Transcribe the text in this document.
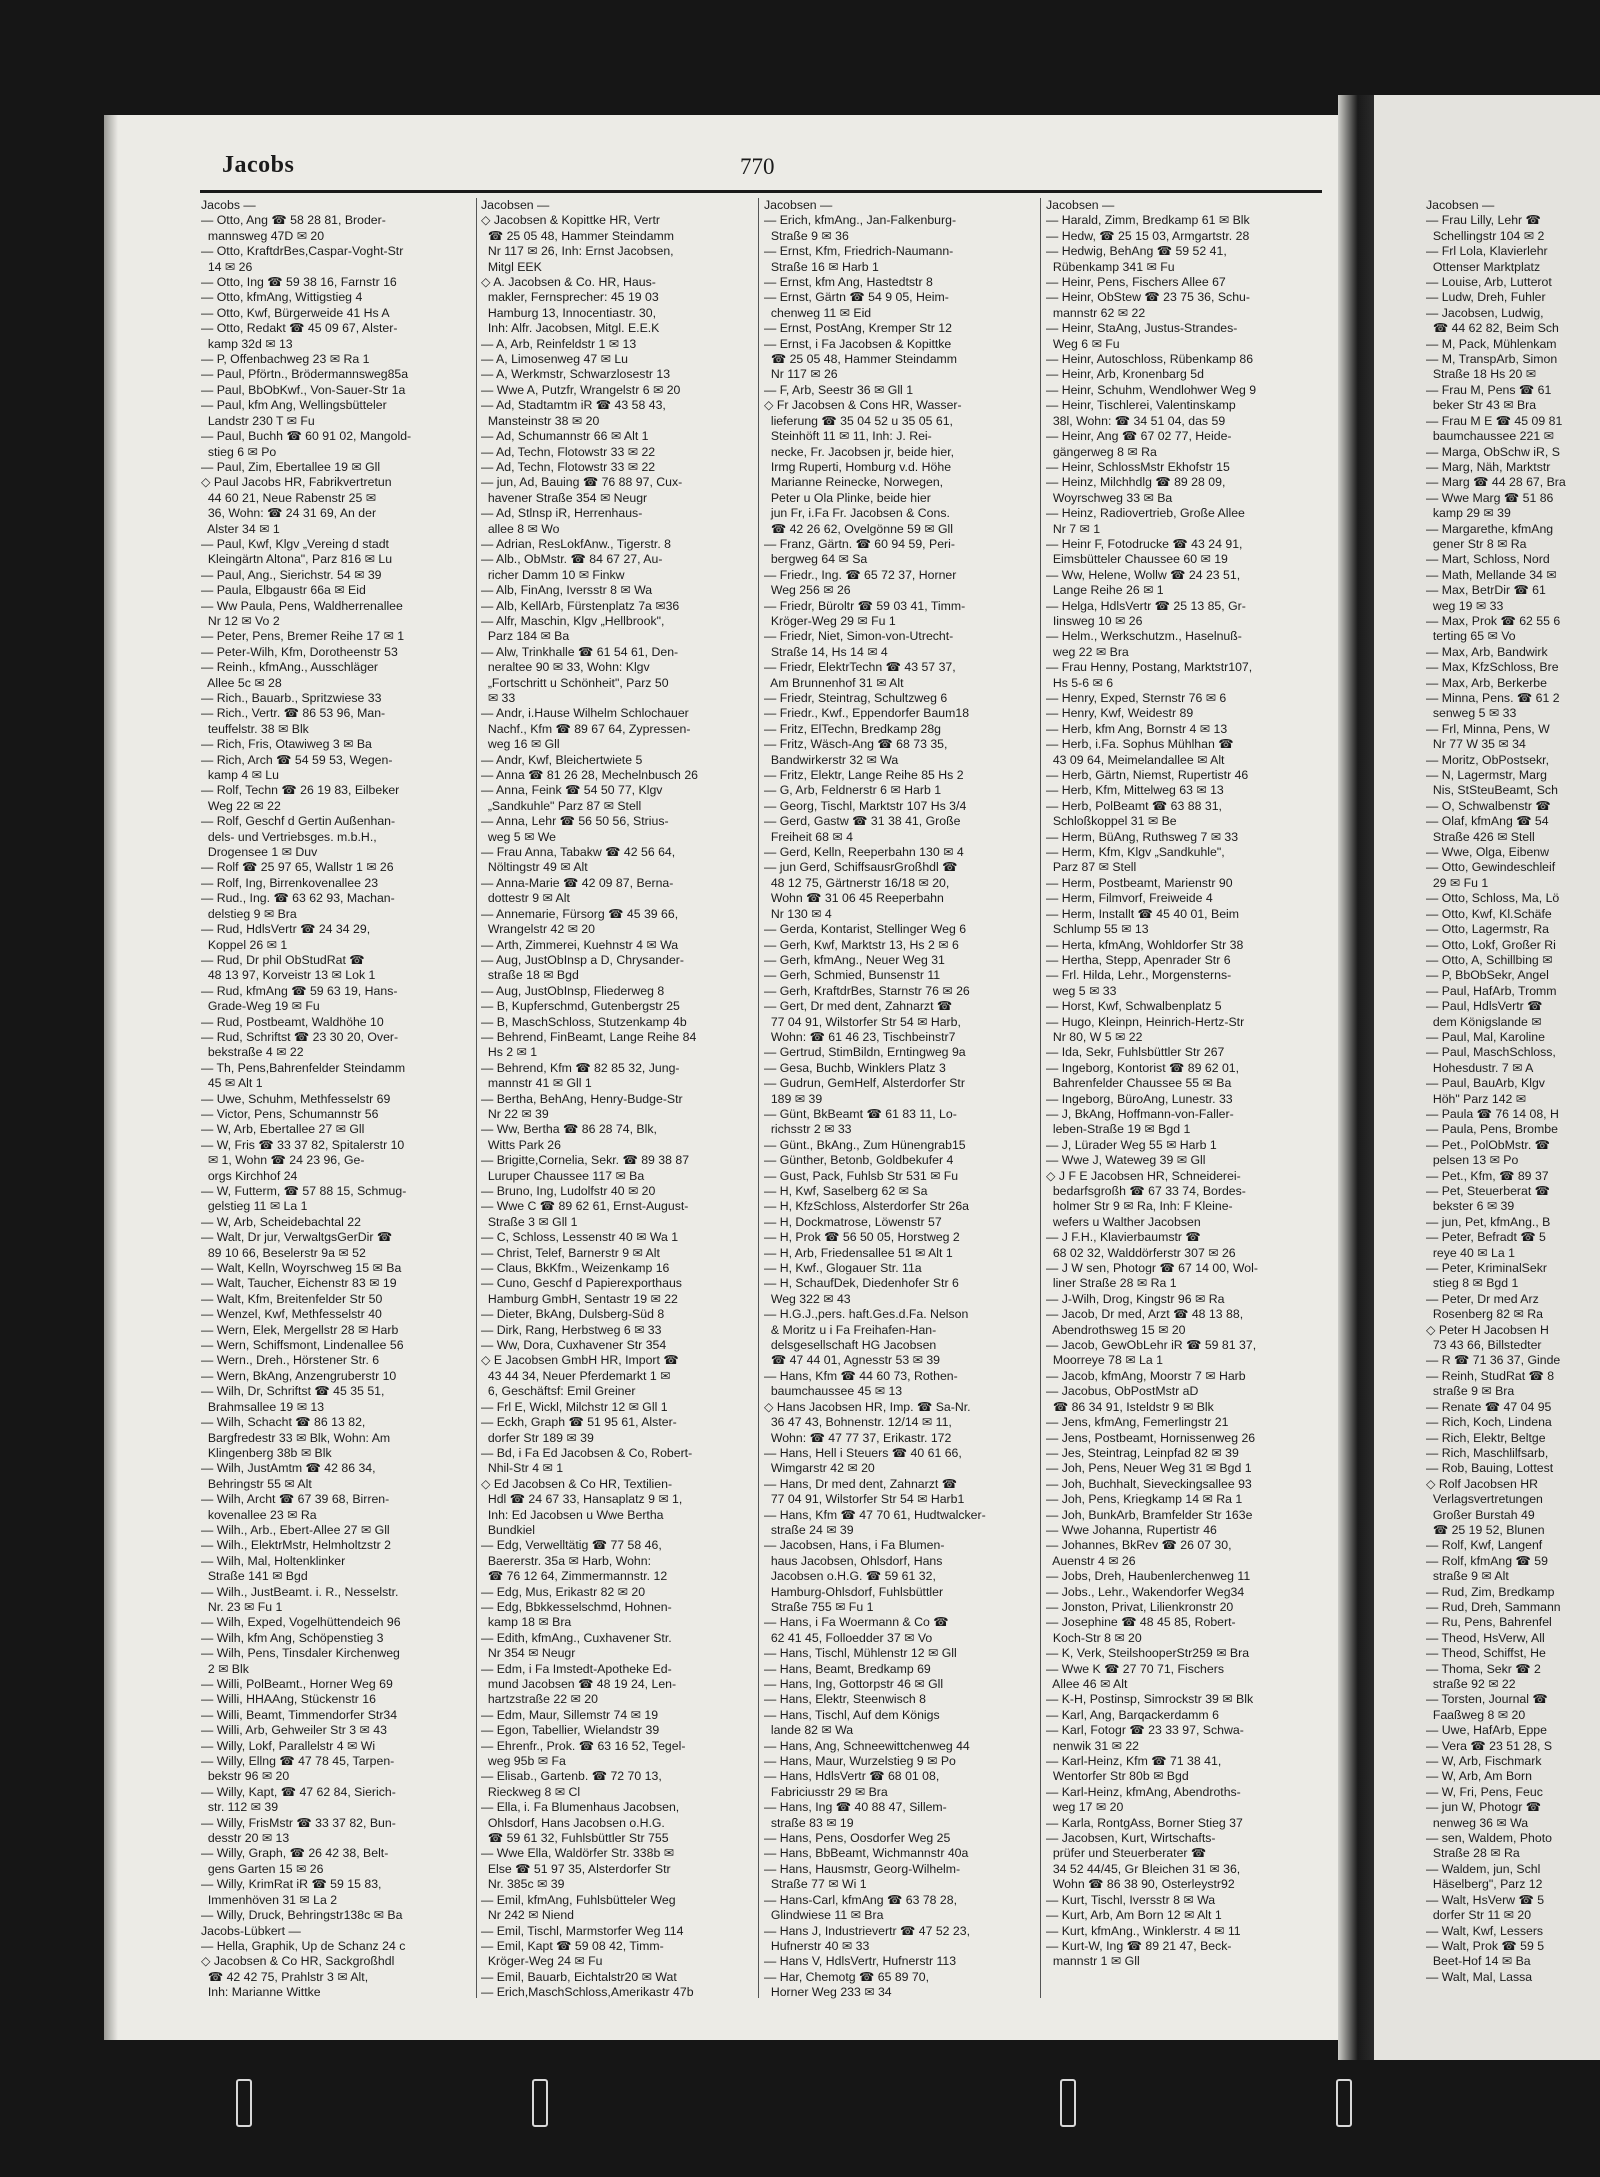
Jacobs	770
Jacobs —
— Otto, Ang ☎ 58 28 81, Broder-
mannsweg 47D ✉ 20
— Otto, KraftdrBes,Caspar-Voght-Str
14 ✉ 26
— Otto, Ing ☎ 59 38 16, Farnstr 16
— Otto, kfmAng, Wittigstieg 4
— Otto, Kwf, Bürgerweide 41 Hs A
— Otto, Redakt ☎ 45 09 67, Alster-
kamp 32d ✉ 13
— P, Offenbachweg 23 ✉ Ra 1
— Paul, Pförtn., Brödermannsweg85a
— Paul, BbObKwf., Von-Sauer-Str 1a
— Paul, kfm Ang, Wellingsbütteler
Landstr 230 T ✉ Fu
— Paul, Buchh ☎ 60 91 02, Mangold-
stieg 6 ✉ Po
— Paul, Zim, Ebertallee 19 ✉ Gll
◇ Paul Jacobs HR, Fabrikvertretun
44 60 21, Neue Rabenstr 25 ✉
36, Wohn: ☎ 24 31 69, An der
Alster 34 ✉ 1
— Paul, Kwf, Klgv „Vereing d stadt
Kleingärtn Altona", Parz 816 ✉ Lu
— Paul, Ang., Sierichstr. 54 ✉ 39
— Paula, Elbgaustr 66a ✉ Eid
— Ww Paula, Pens, Waldherrenallee
Nr 12 ✉ Vo 2
— Peter, Pens, Bremer Reihe 17 ✉ 1
— Peter-Wilh, Kfm, Dorotheenstr 53
— Reinh., kfmAng., Ausschläger
Allee 5c ✉ 28
— Rich., Bauarb., Spritzwiese 33
— Rich., Vertr. ☎ 86 53 96, Man-
teuffelstr. 38 ✉ Blk
— Rich, Fris, Otawiweg 3 ✉ Ba
— Rich, Arch ☎ 54 59 53, Wegen-
kamp 4 ✉ Lu
— Rolf, Techn ☎ 26 19 83, Eilbeker
Weg 22 ✉ 22
— Rolf, Geschf d Gertin Außenhan-
dels- und Vertriebsges. m.b.H.,
Drogensee 1 ✉ Duv
— Rolf ☎ 25 97 65, Wallstr 1 ✉ 26
— Rolf, Ing, Birrenkovenallee 23
— Rud., Ing. ☎ 63 62 93, Machan-
delstieg 9 ✉ Bra
— Rud, HdlsVertr ☎ 24 34 29,
Koppel 26 ✉ 1
— Rud, Dr phil ObStudRat ☎
48 13 97, Korveistr 13 ✉ Lok 1
— Rud, kfmAng ☎ 59 63 19, Hans-
Grade-Weg 19 ✉ Fu
— Rud, Postbeamt, Waldhöhe 10
— Rud, Schriftst ☎ 23 30 20, Over-
bekstraße 4 ✉ 22
— Th, Pens,Bahrenfelder Steindamm
45 ✉ Alt 1
— Uwe, Schuhm, Methfesselstr 69
— Victor, Pens, Schumannstr 56
— W, Arb, Ebertallee 27 ✉ Gll
— W, Fris ☎ 33 37 82, Spitalerstr 10
✉ 1, Wohn ☎ 24 23 96, Ge-
orgs Kirchhof 24
— W, Futterm, ☎ 57 88 15, Schmug-
gelstieg 11 ✉ La 1
— W, Arb, Scheidebachtal 22
— Walt, Dr jur, VerwaltgsGerDir ☎
89 10 66, Beselerstr 9a ✉ 52
— Walt, Kelln, Woyrschweg 15 ✉ Ba
— Walt, Taucher, Eichenstr 83 ✉ 19
— Walt, Kfm, Breitenfelder Str 50
— Wenzel, Kwf, Methfesselstr 40
— Wern, Elek, Mergellstr 28 ✉ Harb
— Wern, Schiffsmont, Lindenallee 56
— Wern., Dreh., Hörstener Str. 6
— Wern, BkAng, Anzengruberstr 10
— Wilh, Dr, Schriftst ☎ 45 35 51,
Brahmsallee 19 ✉ 13
— Wilh, Schacht ☎ 86 13 82,
Bargfredestr 33 ✉ Blk, Wohn: Am
Klingenberg 38b ✉ Blk
— Wilh, JustAmtm ☎ 42 86 34,
Behringstr 55 ✉ Alt
— Wilh, Archt ☎ 67 39 68, Birren-
kovenallee 23 ✉ Ra
— Wilh., Arb., Ebert-Allee 27 ✉ Gll
— Wilh., ElektrMstr, Helmholtzstr 2
— Wilh, Mal, Holtenklinker
Straße 141 ✉ Bgd
— Wilh., JustBeamt. i. R., Nesselstr.
Nr. 23 ✉ Fu 1
— Wilh, Exped, Vogelhüttendeich 96
— Wilh, kfm Ang, Schöpenstieg 3
— Wilh, Pens, Tinsdaler Kirchenweg
2 ✉ Blk
— Willi, PolBeamt., Horner Weg 69
— Willi, HHAAng, Stückenstr 16
— Willi, Beamt, Timmendorfer Str34
— Willi, Arb, Gehweiler Str 3 ✉ 43
— Willy, Lokf, Parallelstr 4 ✉ Wi
— Willy, Ellng ☎ 47 78 45, Tarpen-
bekstr 96 ✉ 20
— Willy, Kapt, ☎ 47 62 84, Sierich-
str. 112 ✉ 39
— Willy, FrisMstr ☎ 33 37 82, Bun-
desstr 20 ✉ 13
— Willy, Graph, ☎ 26 42 38, Belt-
gens Garten 15 ✉ 26
— Willy, KrimRat iR ☎ 59 15 83,
Immenhöven 31 ✉ La 2
— Willy, Druck, Behringstr138c ✉ Ba
Jacobs-Lübkert —
— Hella, Graphik, Up de Schanz 24 c
◇ Jacobsen & Co HR, Sackgroßhdl
☎ 42 42 75, Prahlstr 3 ✉ Alt,
Inh: Marianne Wittke
Jacobsen —
◇ Jacobsen & Kopittke HR, Vertr
☎ 25 05 48, Hammer Steindamm
Nr 117 ✉ 26, Inh: Ernst Jacobsen,
Mitgl EEK
◇ A. Jacobsen & Co. HR, Haus-
makler, Fernsprecher: 45 19 03
Hamburg 13, Innocentiastr. 30,
Inh: Alfr. Jacobsen, Mitgl. E.E.K
— A, Arb, Reinfeldstr 1 ✉ 13
— A, Limosenweg 47 ✉ Lu
— A, Werkmstr, Schwarzlosestr 13
— Wwe A, Putzfr, Wrangelstr 6 ✉ 20
— Ad, Stadtamtm iR ☎ 43 58 43,
Mansteinstr 38 ✉ 20
— Ad, Schumannstr 66 ✉ Alt 1
— Ad, Techn, Flotowstr 33 ✉ 22
— Ad, Techn, Flotowstr 33 ✉ 22
— jun, Ad, Bauing ☎ 76 88 97, Cux-
havener Straße 354 ✉ Neugr
— Ad, Stlnsp iR, Herrenhaus-
allee 8 ✉ Wo
— Adrian, ResLokfAnw., Tigerstr. 8
— Alb., ObMstr. ☎ 84 67 27, Au-
richer Damm 10 ✉ Finkw
— Alb, FinAng, Iversstr 8 ✉ Wa
— Alb, KellArb, Fürstenplatz 7a ✉36
— Alfr, Maschin, Klgv „Hellbrook",
Parz 184 ✉ Ba
— Alw, Trinkhalle ☎ 61 54 61, Den-
neraltee 90 ✉ 33, Wohn: Klgv
„Fortschritt u Schönheit", Parz 50
✉ 33
— Andr, i.Hause Wilhelm Schlochauer
Nachf., Kfm ☎ 89 67 64, Zypressen-
weg 16 ✉ Gll
— Andr, Kwf, Bleichertwiete 5
— Anna ☎ 81 26 28, Mechelnbusch 26
— Anna, Feink ☎ 54 50 77, Klgv
„Sandkuhle" Parz 87 ✉ Stell
— Anna, Lehr ☎ 56 50 56, Strius-
weg 5 ✉ We
— Frau Anna, Tabakw ☎ 42 56 64,
Nöltingstr 49 ✉ Alt
— Anna-Marie ☎ 42 09 87, Berna-
dottestr 9 ✉ Alt
— Annemarie, Fürsorg ☎ 45 39 66,
Wrangelstr 42 ✉ 20
— Arth, Zimmerei, Kuehnstr 4 ✉ Wa
— Aug, JustObInsp a D, Chrysander-
straße 18 ✉ Bgd
— Aug, JustObInsp, Fliederweg 8
— B, Kupferschmd, Gutenbergstr 25
— B, MaschSchloss, Stutzenkamp 4b
— Behrend, FinBeamt, Lange Reihe 84
Hs 2 ✉ 1
— Behrend, Kfm ☎ 82 85 32, Jung-
mannstr 41 ✉ Gll 1
— Bertha, BehAng, Henry-Budge-Str
Nr 22 ✉ 39
— Ww, Bertha ☎ 86 28 74, Blk,
Witts Park 26
— Brigitte,Cornelia, Sekr. ☎ 89 38 87
Luruper Chaussee 117 ✉ Ba
— Bruno, Ing, Ludolfstr 40 ✉ 20
— Wwe C ☎ 89 62 61, Ernst-August-
Straße 3 ✉ Gll 1
— C, Schloss, Lessenstr 40 ✉ Wa 1
— Christ, Telef, Barnerstr 9 ✉ Alt
— Claus, BkKfm., Weizenkamp 16
— Cuno, Geschf d Papierexporthaus
Hamburg GmbH, Sentastr 19 ✉ 22
— Dieter, BkAng, Dulsberg-Süd 8
— Dirk, Rang, Herbstweg 6 ✉ 33
— Ww, Dora, Cuxhavener Str 354
◇ E Jacobsen GmbH HR, Import ☎
43 44 34, Neuer Pferdemarkt 1 ✉
6, Geschäftsf: Emil Greiner
— Frl E, Wickl, Milchstr 12 ✉ Gll 1
— Eckh, Graph ☎ 51 95 61, Alster-
dorfer Str 189 ✉ 39
— Bd, i Fa Ed Jacobsen & Co, Robert-
Nhil-Str 4 ✉ 1
◇ Ed Jacobsen & Co HR, Textilien-
Hdl ☎ 24 67 33, Hansaplatz 9 ✉ 1,
Inh: Ed Jacobsen u Wwe Bertha
Bundkiel
— Edg, Verwelltätig ☎ 77 58 46,
Baererstr. 35a ✉ Harb, Wohn:
☎ 76 12 64, Zimmermannstr. 12
— Edg, Mus, Erikastr 82 ✉ 20
— Edg, Bbkkesselschmd, Hohnen-
kamp 18 ✉ Bra
— Edith, kfmAng., Cuxhavener Str.
Nr 354 ✉ Neugr
— Edm, i Fa Imstedt-Apotheke Ed-
mund Jacobsen ☎ 48 19 24, Len-
hartzstraße 22 ✉ 20
— Edm, Maur, Sillemstr 74 ✉ 19
— Egon, Tabellier, Wielandstr 39
— Ehrenfr., Prok. ☎ 63 16 52, Tegel-
weg 95b ✉ Fa
— Elisab., Gartenb. ☎ 72 70 13,
Rieckweg 8 ✉ Cl
— Ella, i. Fa Blumenhaus Jacobsen,
Ohlsdorf, Hans Jacobsen o.H.G.
☎ 59 61 32, Fuhlsbüttler Str 755
— Wwe Ella, Waldörfer Str. 338b ✉
Else ☎ 51 97 35, Alsterdorfer Str
Nr. 385c ✉ 39
— Emil, kfmAng, Fuhlsbütteler Weg
Nr 242 ✉ Niend
— Emil, Tischl, Marmstorfer Weg 114
— Emil, Kapt ☎ 59 08 42, Timm-
Kröger-Weg 24 ✉ Fu
— Emil, Bauarb, Eichtalstr20 ✉ Wat
— Erich,MaschSchloss,Amerikastr 47b
Jacobsen —
— Erich, kfmAng., Jan-Falkenburg-
Straße 9 ✉ 36
— Ernst, Kfm, Friedrich-Naumann-
Straße 16 ✉ Harb 1
— Ernst, kfm Ang, Hastedtstr 8
— Ernst, Gärtn ☎ 54 9 05, Heim-
chenweg 11 ✉ Eid
— Ernst, PostAng, Kremper Str 12
— Ernst, i Fa Jacobsen & Kopittke
☎ 25 05 48, Hammer Steindamm
Nr 117 ✉ 26
— F, Arb, Seestr 36 ✉ Gll 1
◇ Fr Jacobsen & Cons HR, Wasser-
lieferung ☎ 35 04 52 u 35 05 61,
Steinhöft 11 ✉ 11, Inh: J. Rei-
necke, Fr. Jacobsen jr, beide hier,
Irmg Ruperti, Homburg v.d. Höhe
Marianne Reinecke, Norwegen,
Peter u Ola Plinke, beide hier
jun Fr, i.Fa Fr. Jacobsen & Cons.
☎ 42 26 62, Ovelgönne 59 ✉ Gll
— Franz, Gärtn. ☎ 60 94 59, Peri-
bergweg 64 ✉ Sa
— Friedr., Ing. ☎ 65 72 37, Horner
Weg 256 ✉ 26
— Friedr, Büroltr ☎ 59 03 41, Timm-
Kröger-Weg 29 ✉ Fu 1
— Friedr, Niet, Simon-von-Utrecht-
Straße 14, Hs 14 ✉ 4
— Friedr, ElektrTechn ☎ 43 57 37,
Am Brunnenhof 31 ✉ Alt
— Friedr, Steintrag, Schultzweg 6
— Friedr., Kwf., Eppendorfer Baum18
— Fritz, ElTechn, Bredkamp 28g
— Fritz, Wäsch-Ang ☎ 68 73 35,
Bandwirkerstr 32 ✉ Wa
— Fritz, Elektr, Lange Reihe 85 Hs 2
— G, Arb, Feldnerstr 6 ✉ Harb 1
— Georg, Tischl, Marktstr 107 Hs 3/4
— Gerd, Gastw ☎ 31 38 41, Große
Freiheit 68 ✉ 4
— Gerd, Kelln, Reeperbahn 130 ✉ 4
— jun Gerd, SchiffsausrGroßhdl ☎
48 12 75, Gärtnerstr 16/18 ✉ 20,
Wohn ☎ 31 06 45 Reeperbahn
Nr 130 ✉ 4
— Gerda, Kontarist, Stellinger Weg 6
— Gerh, Kwf, Marktstr 13, Hs 2 ✉ 6
— Gerh, kfmAng., Neuer Weg 31
— Gerh, Schmied, Bunsenstr 11
— Gerh, KraftdrBes, Starnstr 76 ✉ 26
— Gert, Dr med dent, Zahnarzt ☎
77 04 91, Wilstorfer Str 54 ✉ Harb,
Wohn: ☎ 61 46 23, Tischbeinstr7
— Gertrud, StimBildn, Erntingweg 9a
— Gesa, Buchb, Winklers Platz 3
— Gudrun, GemHelf, Alsterdorfer Str
189 ✉ 39
— Günt, BkBeamt ☎ 61 83 11, Lo-
richsstr 2 ✉ 33
— Günt., BkAng., Zum Hünengrab15
— Günther, Betonb, Goldbekufer 4
— Gust, Pack, Fuhlsb Str 531 ✉ Fu
— H, Kwf, Saselberg 62 ✉ Sa
— H, KfzSchloss, Alsterdorfer Str 26a
— H, Dockmatrose, Löwenstr 57
— H, Prok ☎ 56 50 05, Horstweg 2
— H, Arb, Friedensallee 51 ✉ Alt 1
— H, Kwf., Glogauer Str. 11a
— H, SchaufDek, Diedenhofer Str 6
Weg 322 ✉ 43
— H.G.J.,pers. haft.Ges.d.Fa. Nelson
& Moritz u i Fa Freihafen-Han-
delsgesellschaft HG Jacobsen
☎ 47 44 01, Agnesstr 53 ✉ 39
— Hans, Kfm ☎ 44 60 73, Rothen-
baumchaussee 45 ✉ 13
◇ Hans Jacobsen HR, Imp. ☎ Sa-Nr.
36 47 43, Bohnenstr. 12/14 ✉ 11,
Wohn: ☎ 47 77 37, Erikastr. 172
— Hans, Hell i Steuers ☎ 40 61 66,
Wimgarstr 42 ✉ 20
— Hans, Dr med dent, Zahnarzt ☎
77 04 91, Wilstorfer Str 54 ✉ Harb1
— Hans, Kfm ☎ 47 70 61, Hudtwalcker-
straße 24 ✉ 39
— Jacobsen, Hans, i Fa Blumen-
haus Jacobsen, Ohlsdorf, Hans
Jacobsen o.H.G. ☎ 59 61 32,
Hamburg-Ohlsdorf, Fuhlsbüttler
Straße 755 ✉ Fu 1
— Hans, i Fa Woermann & Co ☎
62 41 45, Folloedder 37 ✉ Vo
— Hans, Tischl, Mühlenstr 12 ✉ Gll
— Hans, Beamt, Bredkamp 69
— Hans, Ing, Gottorpstr 46 ✉ Gll
— Hans, Elektr, Steenwisch 8
— Hans, Tischl, Auf dem Königs
lande 82 ✉ Wa
— Hans, Ang, Schneewittchenweg 44
— Hans, Maur, Wurzelstieg 9 ✉ Po
— Hans, HdlsVertr ☎ 68 01 08,
Fabriciusstr 29 ✉ Bra
— Hans, Ing ☎ 40 88 47, Sillem-
straße 83 ✉ 19
— Hans, Pens, Oosdorfer Weg 25
— Hans, BbBeamt, Wichmannstr 40a
— Hans, Hausmstr, Georg-Wilhelm-
Straße 77 ✉ Wi 1
— Hans-Carl, kfmAng ☎ 63 78 28,
Glindwiese 11 ✉ Bra
— Hans J, Industrievertr ☎ 47 52 23,
Hufnerstr 40 ✉ 33
— Hans V, HdlsVertr, Hufnerstr 113
— Har, Chemotg ☎ 65 89 70,
Horner Weg 233 ✉ 34
Jacobsen —
— Harald, Zimm, Bredkamp 61 ✉ Blk
— Hedw, ☎ 25 15 03, Armgartstr. 28
— Hedwig, BehAng ☎ 59 52 41,
Rübenkamp 341 ✉ Fu
— Heinr, Pens, Fischers Allee 67
— Heinr, ObStew ☎ 23 75 36, Schu-
mannstr 62 ✉ 22
— Heinr, StaAng, Justus-Strandes-
Weg 6 ✉ Fu
— Heinr, Autoschloss, Rübenkamp 86
— Heinr, Arb, Kronenbarg 5d
— Heinr, Schuhm, Wendlohwer Weg 9
— Heinr, Tischlerei, Valentinskamp
38l, Wohn: ☎ 34 51 04, das 59
— Heinr, Ang ☎ 67 02 77, Heide-
gängerweg 8 ✉ Ra
— Heinr, SchlossMstr Ekhofstr 15
— Heinz, Milchhdlg ☎ 89 28 09,
Woyrschweg 33 ✉ Ba
— Heinz, Radiovertrieb, Große Allee
Nr 7 ✉ 1
— Heinr F, Fotodrucke ☎ 43 24 91,
Eimsbütteler Chaussee 60 ✉ 19
— Ww, Helene, Wollw ☎ 24 23 51,
Lange Reihe 26 ✉ 1
— Helga, HdlsVertr ☎ 25 13 85, Gr-
Iinsweg 10 ✉ 26
— Helm., Werkschutzm., Haselnuß-
weg 22 ✉ Bra
— Frau Henny, Postang, Marktstr107,
Hs 5-6 ✉ 6
— Henry, Exped, Sternstr 76 ✉ 6
— Henry, Kwf, Weidestr 89
— Herb, kfm Ang, Bornstr 4 ✉ 13
— Herb, i.Fa. Sophus Mühlhan ☎
43 09 64, Meimelandallee ✉ Alt
— Herb, Gärtn, Niemst, Rupertistr 46
— Herb, Kfm, Mittelweg 63 ✉ 13
— Herb, PolBeamt ☎ 63 88 31,
Schloßkoppel 31 ✉ Be
— Herm, BüAng, Ruthsweg 7 ✉ 33
— Herm, Kfm, Klgv „Sandkuhle",
Parz 87 ✉ Stell
— Herm, Postbeamt, Marienstr 90
— Herm, Filmvorf, Freiweide 4
— Herm, Installt ☎ 45 40 01, Beim
Schlump 55 ✉ 13
— Herta, kfmAng, Wohldorfer Str 38
— Hertha, Stepp, Apenrader Str 6
— Frl. Hilda, Lehr., Morgensterns-
weg 5 ✉ 33
— Horst, Kwf, Schwalbenplatz 5
— Hugo, Kleinpn, Heinrich-Hertz-Str
Nr 80, W 5 ✉ 22
— Ida, Sekr, Fuhlsbüttler Str 267
— Ingeborg, Kontorist ☎ 89 62 01,
Bahrenfelder Chaussee 55 ✉ Ba
— Ingeborg, BüroAng, Lunestr. 33
— J, BkAng, Hoffmann-von-Faller-
leben-Straße 19 ✉ Bgd 1
— J, Lürader Weg 55 ✉ Harb 1
— Wwe J, Wateweg 39 ✉ Gll
◇ J F E Jacobsen HR, Schneiderei-
bedarfsgroßh ☎ 67 33 74, Bordes-
holmer Str 9 ✉ Ra, Inh: F Kleine-
wefers u Walther Jacobsen
— J F.H., Klavierbaumstr ☎
68 02 32, Walddörferstr 307 ✉ 26
— J W sen, Photogr ☎ 67 14 00, Wol-
liner Straße 28 ✉ Ra 1
— J-Wilh, Drog, Kingstr 96 ✉ Ra
— Jacob, Dr med, Arzt ☎ 48 13 88,
Abendrothsweg 15 ✉ 20
— Jacob, GewObLehr iR ☎ 59 81 37,
Moorreye 78 ✉ La 1
— Jacob, kfmAng, Moorstr 7 ✉ Harb
— Jacobus, ObPostMstr aD
☎ 86 34 91, Isteldstr 9 ✉ Blk
— Jens, kfmAng, Femerlingstr 21
— Jens, Postbeamt, Hornissenweg 26
— Jes, Steintrag, Leinpfad 82 ✉ 39
— Joh, Pens, Neuer Weg 31 ✉ Bgd 1
— Joh, Buchhalt, Sieveckingsallee 93
— Joh, Pens, Kriegkamp 14 ✉ Ra 1
— Joh, BunkArb, Bramfelder Str 163e
— Wwe Johanna, Rupertistr 46
— Johannes, BkRev ☎ 26 07 30,
Auenstr 4 ✉ 26
— Jobs, Dreh, Haubenlerchenweg 11
— Jobs., Lehr., Wakendorfer Weg34
— Jonston, Privat, Lilienkronstr 20
— Josephine ☎ 48 45 85, Robert-
Koch-Str 8 ✉ 20
— K, Verk, SteilshooperStr259 ✉ Bra
— Wwe K ☎ 27 70 71, Fischers
Allee 46 ✉ Alt
— K-H, Postinsp, Simrockstr 39 ✉ Blk
— Karl, Ang, Barqackerdamm 6
— Karl, Fotogr ☎ 23 33 97, Schwa-
nenwik 31 ✉ 22
— Karl-Heinz, Kfm ☎ 71 38 41,
Wentorfer Str 80b ✉ Bgd
— Karl-Heinz, kfmAng, Abendroths-
weg 17 ✉ 20
— Karla, RontgAss, Borner Stieg 37
— Jacobsen, Kurt, Wirtschafts-
prüfer und Steuerberater ☎
34 52 44/45, Gr Bleichen 31 ✉ 36,
Wohn ☎ 86 38 90, Osterleystr92
— Kurt, Tischl, Iversstr 8 ✉ Wa
— Kurt, Arb, Am Born 12 ✉ Alt 1
— Kurt, kfmAng., Winklerstr. 4 ✉ 11
— Kurt-W, Ing ☎ 89 21 47, Beck-
mannstr 1 ✉ Gll
Jacobsen —
— Frau Lilly, Lehr ☎
Schellingstr 104 ✉ 2
— Frl Lola, Klavierlehr
Ottenser Marktplatz
— Louise, Arb, Lutterot
— Ludw, Dreh, Fuhler
— Jacobsen, Ludwig,
☎ 44 62 82, Beim Sch
— M, Pack, Mühlenkam
— M, TranspArb, Simon
Straße 18 Hs 20 ✉
— Frau M, Pens ☎ 61
beker Str 43 ✉ Bra
— Frau M E ☎ 45 09 81
baumchaussee 221 ✉
— Marga, ObSchw iR, S
— Marg, Näh, Marktstr
— Marg ☎ 44 28 67, Bra
— Wwe Marg ☎ 51 86
kamp 29 ✉ 39
— Margarethe, kfmAng
gener Str 8 ✉ Ra
— Mart, Schloss, Nord
— Math, Mellande 34 ✉
— Max, BetrDir ☎ 61
weg 19 ✉ 33
— Max, Prok ☎ 62 55 6
terting 65 ✉ Vo
— Max, Arb, Bandwirk
— Max, KfzSchloss, Bre
— Max, Arb, Berkerbe
— Minna, Pens. ☎ 61 2
senweg 5 ✉ 33
— Frl, Minna, Pens, W
Nr 77 W 35 ✉ 34
— Moritz, ObPostsekr,
— N, Lagermstr, Marg
Nis, StSteuBeamt, Sch
— O, Schwalbenstr ☎
— Olaf, kfmAng ☎ 54
Straße 426 ✉ Stell
— Wwe, Olga, Eibenw
— Otto, Gewindeschleif
29 ✉ Fu 1
— Otto, Schloss, Ma, Lö
— Otto, Kwf, Kl.Schäfe
— Otto, Lagermstr, Ra
— Otto, Lokf, Großer Ri
— Otto, A, Schillbing ✉
— P, BbObSekr, Angel
— Paul, HafArb, Tromm
— Paul, HdlsVertr ☎
dem Königslande ✉
— Paul, Mal, Karoline
— Paul, MaschSchloss,
Hohesdustr. 7 ✉ A
— Paul, BauArb, Klgv
Höh" Parz 142 ✉
— Paula ☎ 76 14 08, H
— Paula, Pens, Brombe
— Pet., PolObMstr. ☎
pelsen 13 ✉ Po
— Pet., Kfm, ☎ 89 37
— Pet, Steuerberat ☎
bekster 6 ✉ 39
— jun, Pet, kfmAng., B
— Peter, Befradt ☎ 5
reye 40 ✉ La 1
— Peter, KriminalSekr
stieg 8 ✉ Bgd 1
— Peter, Dr med Arz
Rosenberg 82 ✉ Ra
◇ Peter H Jacobsen H
73 43 66, Billstedter
— R ☎ 71 36 37, Ginde
— Reinh, StudRat ☎ 8
straße 9 ✉ Bra
— Renate ☎ 47 04 95
— Rich, Koch, Lindena
— Rich, Elektr, Beltge
— Rich, Maschlilfsarb,
— Rob, Bauing, Lottest
◇ Rolf Jacobsen HR
Verlagsvertretungen
Großer Burstah 49
☎ 25 19 52, Blunen
— Rolf, Kwf, Langenf
— Rolf, kfmAng ☎ 59
straße 9 ✉ Alt
— Rud, Zim, Bredkamp
— Rud, Dreh, Sammann
— Ru, Pens, Bahrenfel
— Theod, HsVerw, All
— Theod, Schiffst, He
— Thoma, Sekr ☎ 2
straße 92 ✉ 22
— Torsten, Journal ☎
Faaßweg 8 ✉ 20
— Uwe, HafArb, Eppe
— Vera ☎ 23 51 28, S
— W, Arb, Fischmark
— W, Arb, Am Born
— W, Fri, Pens, Feuc
— jun W, Photogr ☎
nenweg 36 ✉ Wa
— sen, Waldem, Photo
Straße 28 ✉ Ra
— Waldem, jun, Schl
Häselberg", Parz 12
— Walt, HsVerw ☎ 5
dorfer Str 11 ✉ 20
— Walt, Kwf, Lessers
— Walt, Prok ☎ 59 5
Beet-Hof 14 ✉ Ba
— Walt, Mal, Lassa
